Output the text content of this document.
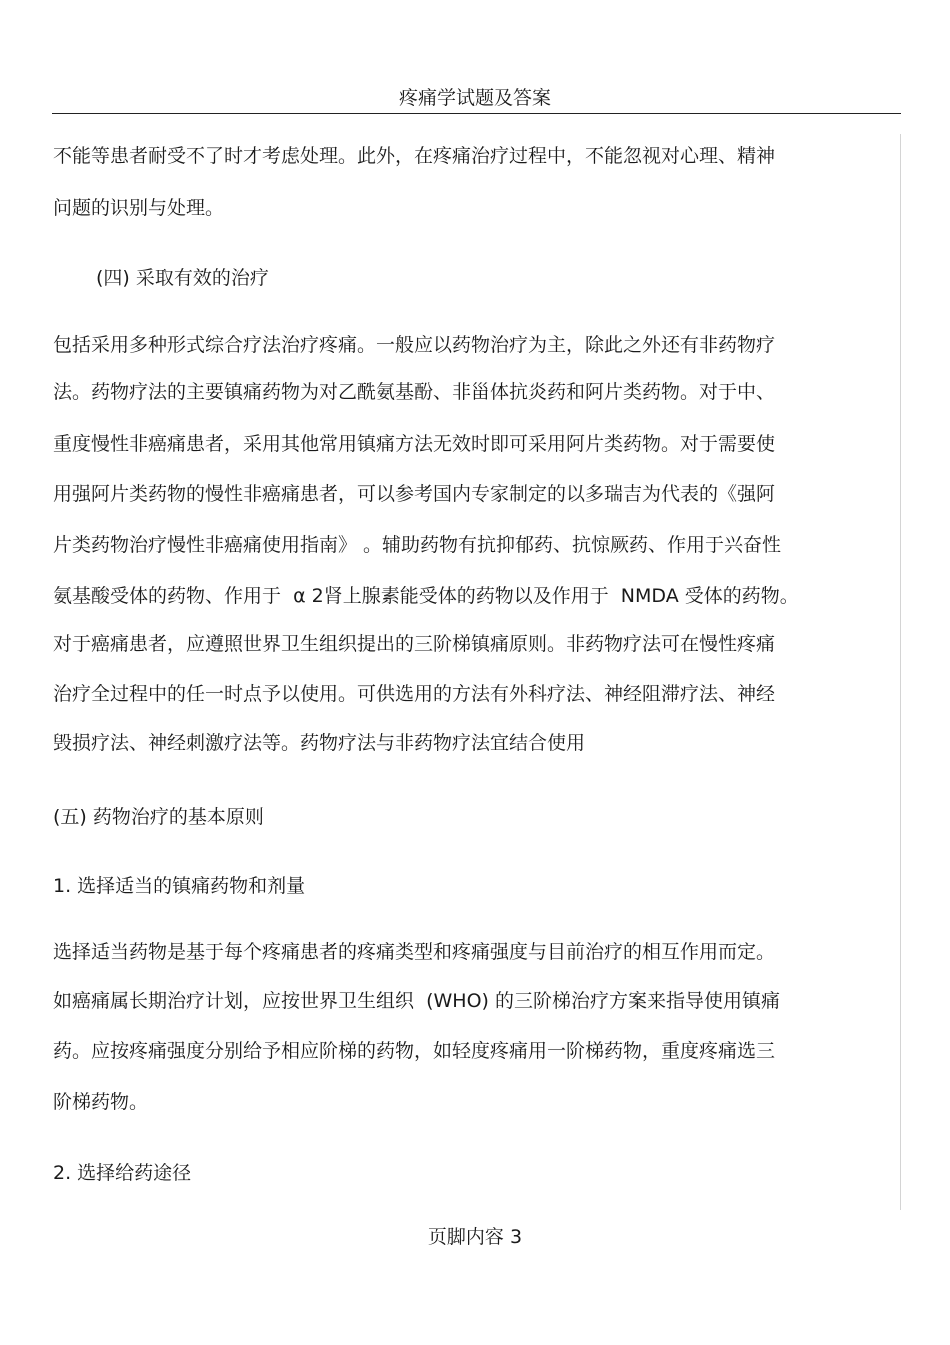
疼痛学试题及答案
不能等患者耐受不了时才考虑处理。此外，在疼痛治疗过程中，不能忽视对心理、精神
问题的识别与处理。
(四) 采取有效的治疗
包括采用多种形式综合疗法治疗疼痛。一般应以药物治疗为主，除此之外还有非药物疗
法。药物疗法的主要镇痛药物为对乙酰氨基酚、非甾体抗炎药和阿片类药物。对于中、
重度慢性非癌痛患者，采用其他常用镇痛方法无效时即可采用阿片类药物。对于需要使
用强阿片类药物的慢性非癌痛患者，可以参考国内专家制定的以多瑞吉为代表的《强阿
片类药物治疗慢性非癌痛使用指南》 。辅助药物有抗抑郁药、抗惊厥药、作用于兴奋性
氨基酸受体的药物、作用于  α 2肾上腺素能受体的药物以及作用于  NMDA 受体的药物。
对于癌痛患者，应遵照世界卫生组织提出的三阶梯镇痛原则。非药物疗法可在慢性疼痛
治疗全过程中的任一时点予以使用。可供选用的方法有外科疗法、神经阻滞疗法、神经
毁损疗法、神经刺激疗法等。药物疗法与非药物疗法宜结合使用
(五) 药物治疗的基本原则
1. 选择适当的镇痛药物和剂量
选择适当药物是基于每个疼痛患者的疼痛类型和疼痛强度与目前治疗的相互作用而定。
如癌痛属长期治疗计划，应按世界卫生组织  (WHO) 的三阶梯治疗方案来指导使用镇痛
药。应按疼痛强度分别给予相应阶梯的药物，如轻度疼痛用一阶梯药物，重度疼痛选三
阶梯药物。
2. 选择给药途径
页脚内容 3
